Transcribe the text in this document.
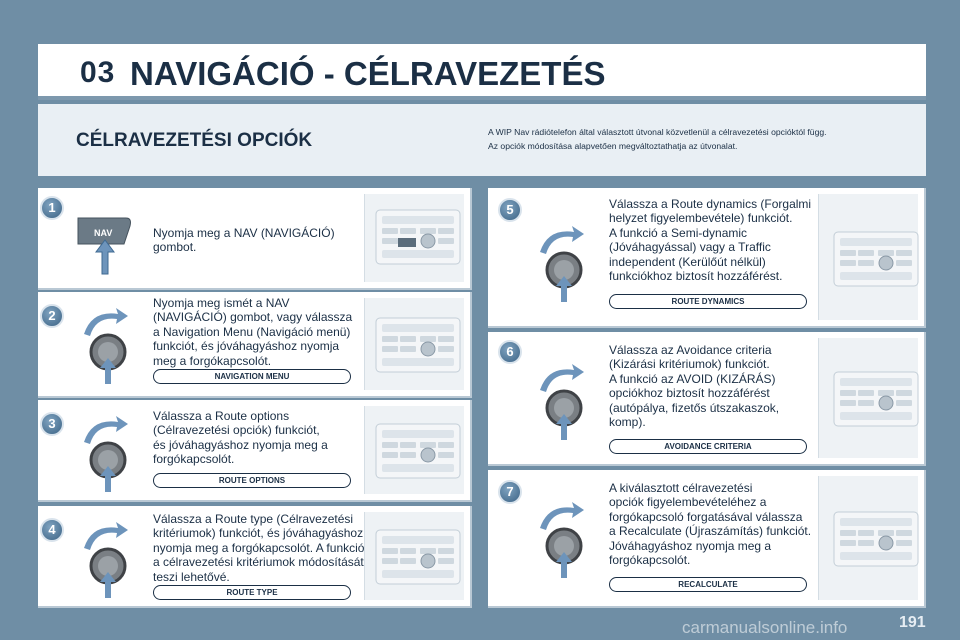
03 NAVIGÁCIÓ - CÉLRAVEZETÉS
CÉLRAVEZETÉSI OPCIÓK	A WIP Nav rádiótelefon által választott útvonal közvetlenül a célravezetési opcióktól függ.
Az opciók módosítása alapvetően megváltoztathatja az útvonalat.
1
2
3
4
5
6
7
NAV	Nyomja meg a NAV (NAVIGÁCIÓ)
gombot.
Nyomja meg ismét a NAV
(NAVIGÁCIÓ) gombot, vagy válassza
a Navigation Menu (Navigáció menü)
funkciót, és jóváhagyáshoz nyomja
meg a forgókapcsolót.
NAVIGATION MENU
Válassza a Route options
(Célravezetési opciók) funkciót,
és jóváhagyáshoz nyomja meg a
forgókapcsolót.
ROUTE OPTIONS
Válassza a Route type (Célravezetési
kritériumok) funkciót, és jóváhagyáshoz
nyomja meg a forgókapcsolót. A funkció
a célravezetési kritériumok módosítását
teszi lehetővé.
ROUTE TYPE
Válassza a Route dynamics (Forgalmi
helyzet figyelembevétele) funkciót.
A funkció a Semi-dynamic
(Jóváhagyással) vagy a Traffic
independent (Kerülőút nélkül)
funkciókhoz biztosít hozzáférést.
ROUTE DYNAMICS
Válassza az Avoidance criteria
(Kizárási kritériumok) funkciót.
A funkció az AVOID (KIZÁRÁS)
opciókhoz biztosít hozzáférést
(autópálya, fizetős útszakaszok,
komp).
AVOIDANCE CRITERIA
A kiválasztott célravezetési
opciók figyelembevételéhez a
forgókapcsoló forgatásával válassza
a Recalculate (Újraszámítás) funkciót.
Jóváhagyáshoz nyomja meg a
forgókapcsolót.
RECALCULATE
carmanualsonline.info	191
